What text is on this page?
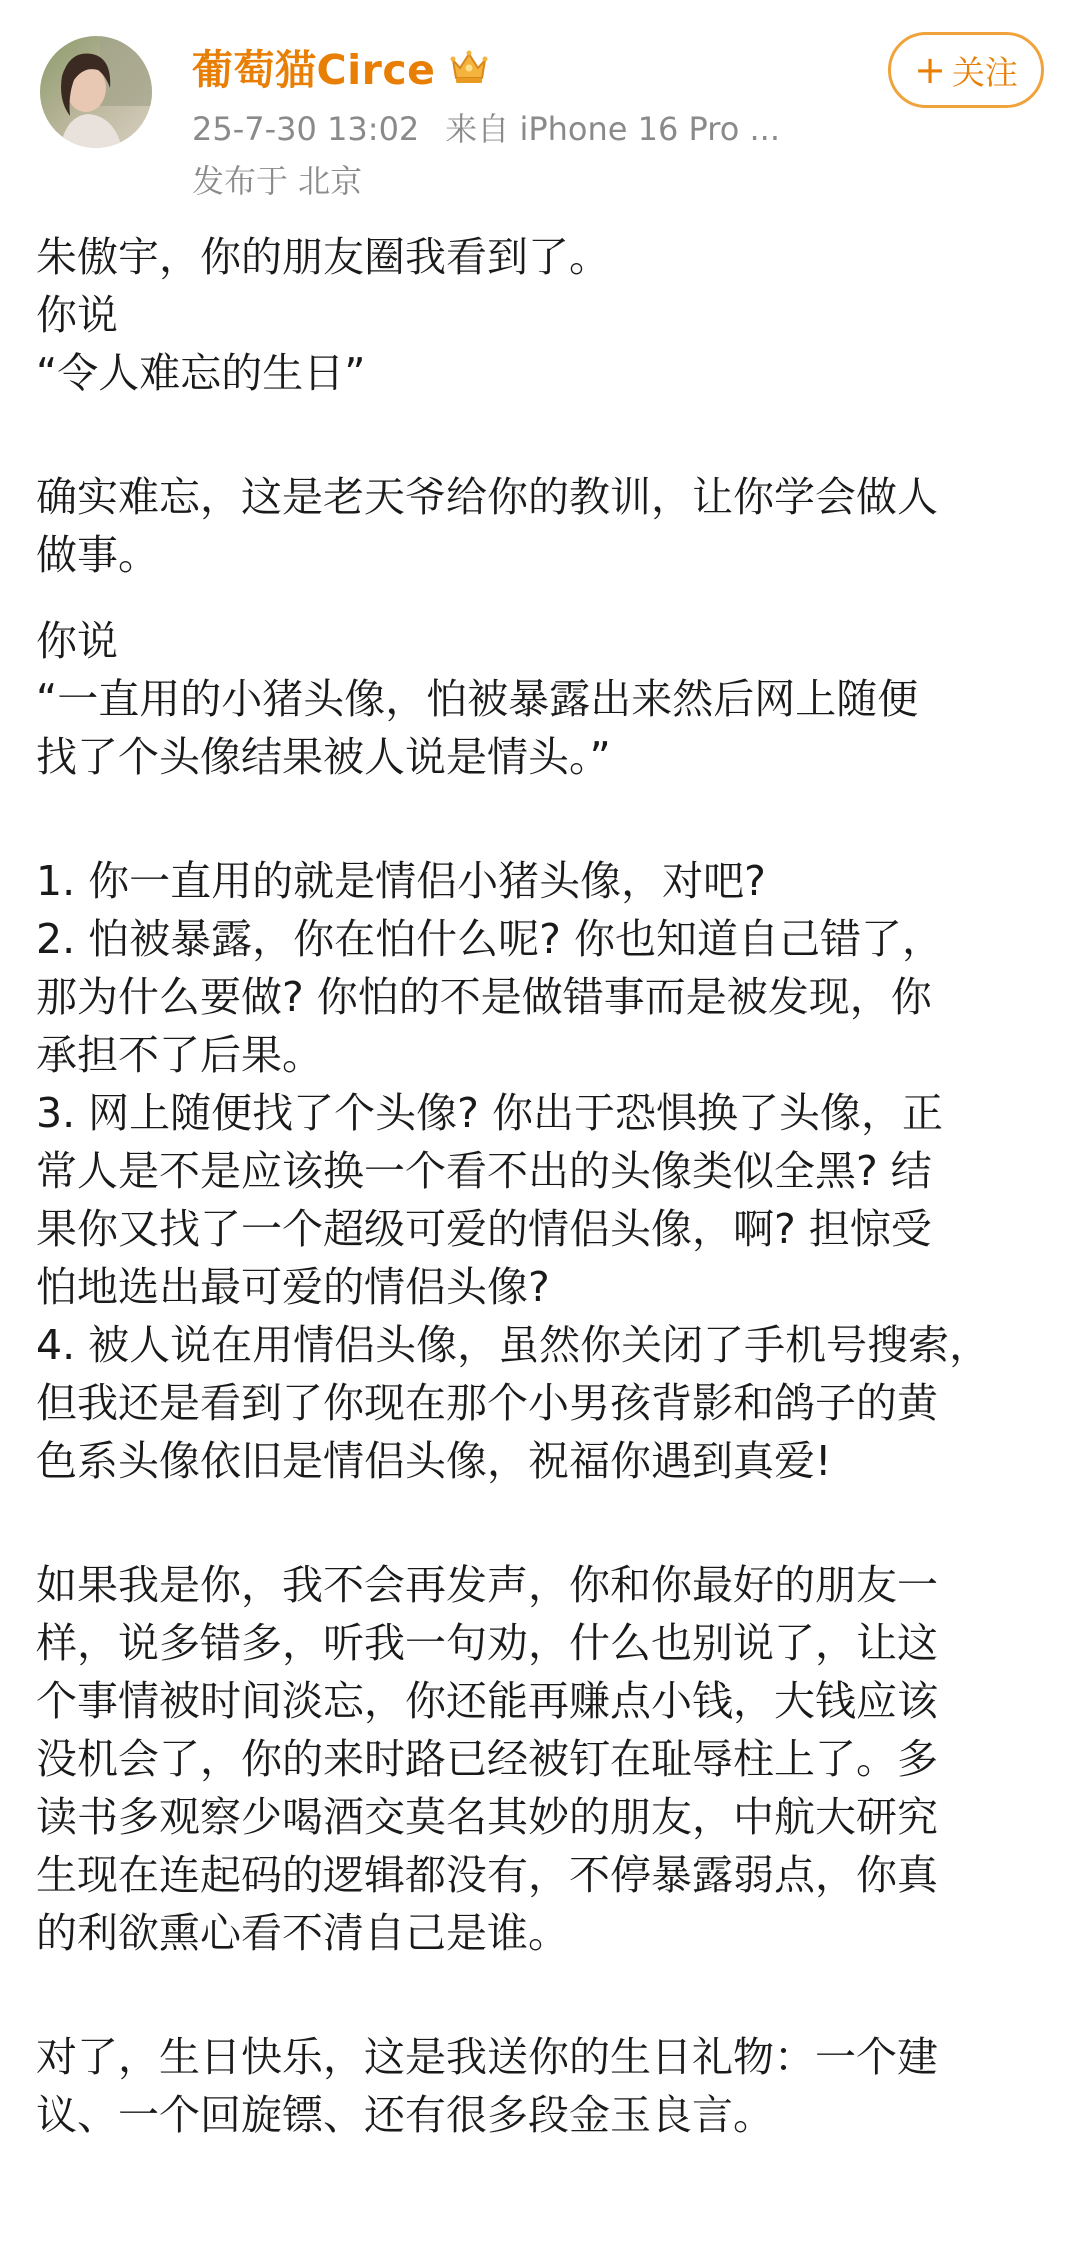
葡萄猫Circe
25-7-30 13:02 来自 iPhone 16 Pro ...
发布于 北京
+ 关注
朱傲宇，你的朋友圈我看到了。
你说
“令人难忘的生日”
确实难忘，这是老天爷给你的教训，让你学会做人
做事。
你说
“一直用的小猪头像，怕被暴露出来然后网上随便
找了个头像结果被人说是情头。”
1. 你一直用的就是情侣小猪头像，对吧?
2. 怕被暴露，你在怕什么呢? 你也知道自己错了，
那为什么要做? 你怕的不是做错事而是被发现，你
承担不了后果。
3. 网上随便找了个头像? 你出于恐惧换了头像，正
常人是不是应该换一个看不出的头像类似全黑? 结
果你又找了一个超级可爱的情侣头像，啊? 担惊受
怕地选出最可爱的情侣头像?
4. 被人说在用情侣头像，虽然你关闭了手机号搜索，
但我还是看到了你现在那个小男孩背影和鸽子的黄
色系头像依旧是情侣头像，祝福你遇到真爱!
如果我是你，我不会再发声，你和你最好的朋友一
样，说多错多，听我一句劝，什么也别说了，让这
个事情被时间淡忘，你还能再赚点小钱，大钱应该
没机会了，你的来时路已经被钉在耻辱柱上了。多
读书多观察少喝酒交莫名其妙的朋友，中航大研究
生现在连起码的逻辑都没有，不停暴露弱点，你真
的利欲熏心看不清自己是谁。
对了，生日快乐，这是我送你的生日礼物：一个建
议、一个回旋镖、还有很多段金玉良言。
